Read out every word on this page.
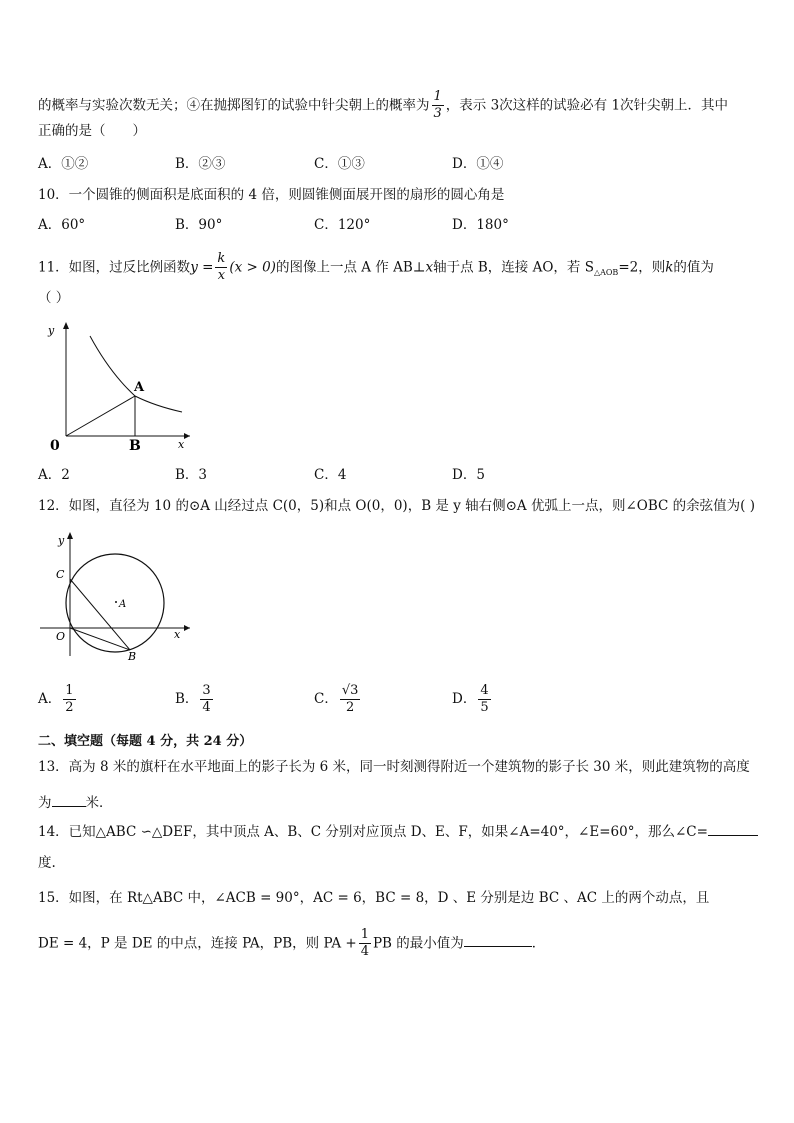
的概率与实验次数无关；④在抛掷图钉的试验中针尖朝上的概率为 $\frac{1}{3}$ ，表示 3次这样的试验必有 1次针尖朝上．其中
正确的是（　　）
A．①②	B．②③	C．①③	D．①④
10．一个圆锥的侧面积是底面积的 4 倍，则圆锥侧面展开图的扇形的圆心角是
A．60°	B．90°	C．120°	D．180°
11．如图，过反比例函数$y = \frac{k}{x} (x > 0)$的图像上一点 A 作 AB⊥x轴于点 B，连接 AO，若 $S_{\triangle AOB}=2$，则k的值为
（ ）
y
A
0	B	x
A．2	B．3	C．4	D．5
12．如图，直径为 10 的⊙A 山经过点 C(0，5)和点 O(0，0)，B 是 y 轴右侧⊙A 优弧上一点，则∠OBC 的余弦值为( )
y
C
A
O	x
B
A． $\frac{1}{2}$	B． $\frac{3}{4}$	C． $\frac{√3}{2}$	D． $\frac{4}{5}$
二、填空题（每题 4 分，共 24 分）
13．高为 8 米的旗杆在水平地面上的影子长为 6 米，同一时刻测得附近一个建筑物的影子长 30 米，则此建筑物的高度
为	米．
14．已知△ABC ∽△DEF，其中顶点 A、B、C 分别对应顶点 D、E、F，如果∠A=40°，∠E=60°，那么∠C=
度.
15．如图，在 Rt△ABC 中，∠ACB = 90°，AC = 6，BC = 8，D 、E 分别是边 BC 、AC 上的两个动点，且
DE = 4，P 是 DE 的中点，连接 PA，PB，则 PA + $\frac{1}{4}$ PB 的最小值为	．
